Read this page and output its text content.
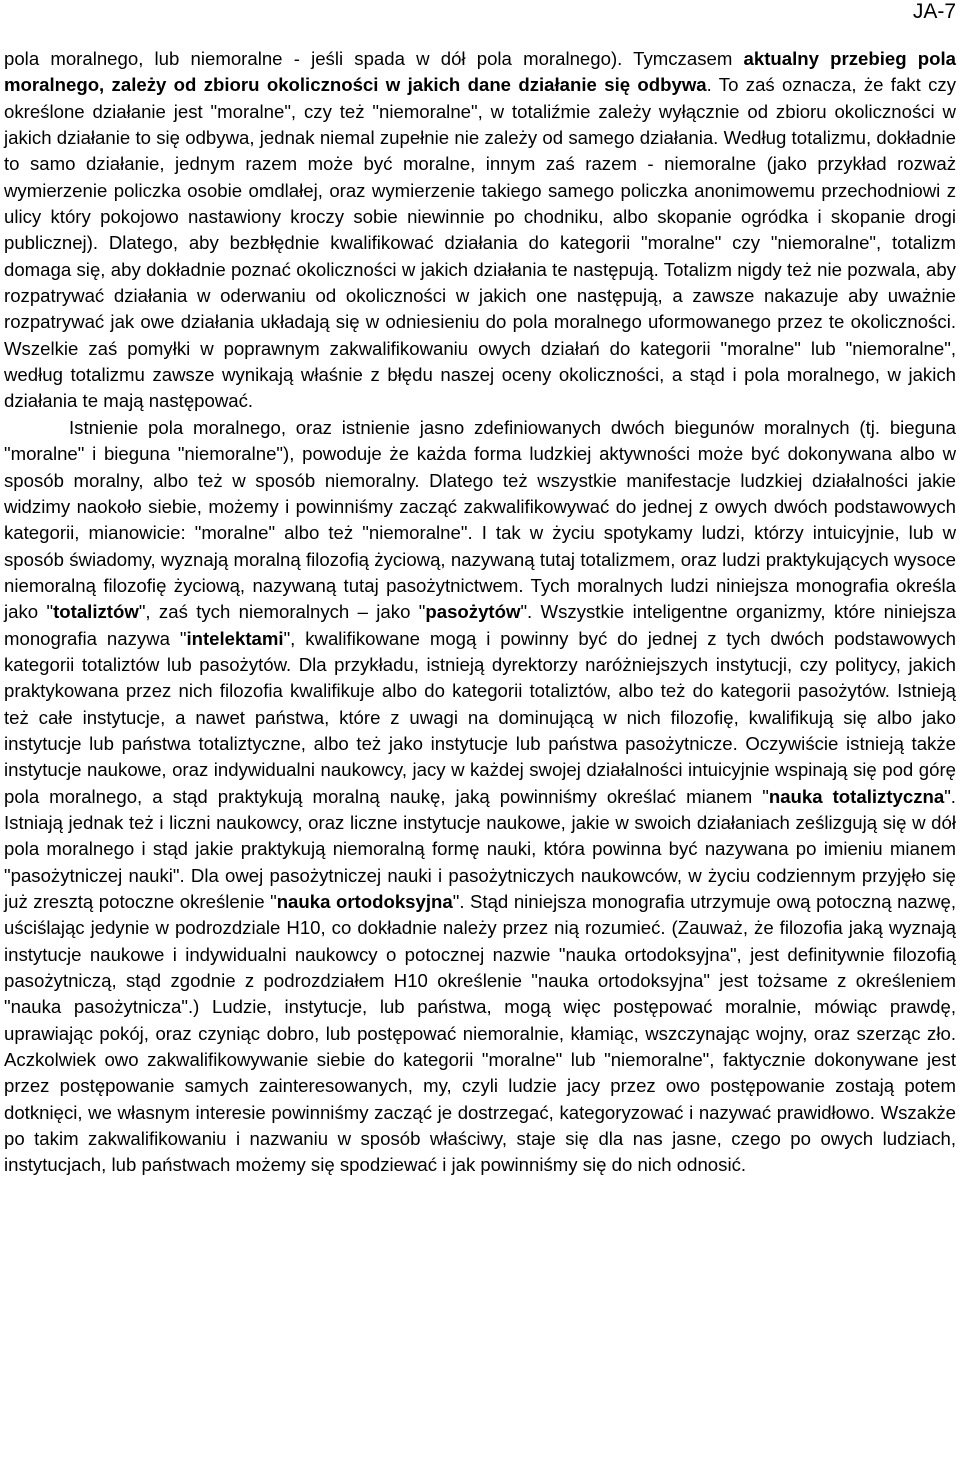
JA-7

pola moralnego, lub niemoralne - jeśli spada w dół pola moralnego). Tymczasem aktualny przebieg pola moralnego, zależy od zbioru okoliczności w jakich dane działanie się odbywa. To zaś oznacza, że fakt czy określone działanie jest "moralne", czy też "niemoralne", w totaliźmie zależy wyłącznie od zbioru okoliczności w jakich działanie to się odbywa, jednak niemal zupełnie nie zależy od samego działania. Według totalizmu, dokładnie to samo działanie, jednym razem może być moralne, innym zaś razem - niemoralne (jako przykład rozważ wymierzenie policzka osobie omdlałej, oraz wymierzenie takiego samego policzka anonimowemu przechodniowi z ulicy który pokojowo nastawiony kroczy sobie niewinnie po chodniku, albo skopanie ogródka i skopanie drogi publicznej). Dlatego, aby bezbłędnie kwalifikować działania do kategorii "moralne" czy "niemoralne", totalizm domaga się, aby dokładnie poznać okoliczności w jakich działania te następują. Totalizm nigdy też nie pozwala, aby rozpatrywać działania w oderwaniu od okoliczności w jakich one następują, a zawsze nakazuje aby uważnie rozpatrywać jak owe działania układają się w odniesieniu do pola moralnego uformowanego przez te okoliczności. Wszelkie zaś pomyłki w poprawnym zakwalifikowaniu owych działań do kategorii "moralne" lub "niemoralne", według totalizmu zawsze wynikają właśnie z błędu naszej oceny okoliczności, a stąd i pola moralnego, w jakich działania te mają następować.

Istnienie pola moralnego, oraz istnienie jasno zdefiniowanych dwóch biegunów moralnych (tj. bieguna "moralne" i bieguna "niemoralne"), powoduje że każda forma ludzkiej aktywności może być dokonywana albo w sposób moralny, albo też w sposób niemoralny. Dlatego też wszystkie manifestacje ludzkiej działalności jakie widzimy naokoło siebie, możemy i powinniśmy zacząć zakwalifikowywać do jednej z owych dwóch podstawowych kategorii, mianowicie: "moralne" albo też "niemoralne". I tak w życiu spotykamy ludzi, którzy intuicyjnie, lub w sposób świadomy, wyznają moralną filozofią życiową, nazywaną tutaj totalizmem, oraz ludzi praktykujących wysoce niemoralną filozofię życiową, nazywaną tutaj pasożytnictwem. Tych moralnych ludzi niniejsza monografia określa jako "totaliztów", zaś tych niemoralnych – jako "pasożytów". Wszystkie inteligentne organizmy, które niniejsza monografia nazywa "intelektami", kwalifikowane mogą i powinny być do jednej z tych dwóch podstawowych kategorii totaliztów lub pasożytów. Dla przykładu, istnieją dyrektorzy naróżniejszych instytucji, czy politycy, jakich praktykowana przez nich filozofia kwalifikuje albo do kategorii totaliztów, albo też do kategorii pasożytów. Istnieją też całe instytucje, a nawet państwa, które z uwagi na dominującą w nich filozofię, kwalifikują się albo jako instytucje lub państwa totaliztyczne, albo też jako instytucje lub państwa pasożytnicze. Oczywiście istnieją także instytucje naukowe, oraz indywidualni naukowcy, jacy w każdej swojej działalności intuicyjnie wspinają się pod górę pola moralnego, a stąd praktykują moralną naukę, jaką powinniśmy określać mianem "nauka totaliztyczna". Istniają jednak też i liczni naukowcy, oraz liczne instytucje naukowe, jakie w swoich działaniach ześlizgują się w dół pola moralnego i stąd jakie praktykują niemoralną formę nauki, która powinna być nazywana po imieniu mianem "pasożytniczej nauki". Dla owej pasożytniczej nauki i pasożytniczych naukowców, w życiu codziennym przyjęło się już zresztą potoczne określenie "nauka ortodoksyjna". Stąd niniejsza monografia utrzymuje ową potoczną nazwę, uściślając jedynie w podrozdziale H10, co dokładnie należy przez nią rozumieć. (Zauważ, że filozofia jaką wyznają instytucje naukowe i indywidualni naukowcy o potocznej nazwie "nauka ortodoksyjna", jest definitywnie filozofią pasożytniczą, stąd zgodnie z podrozdziałem H10 określenie "nauka ortodoksyjna" jest tożsame z określeniem "nauka pasożytnicza".) Ludzie, instytucje, lub państwa, mogą więc postępować moralnie, mówiąc prawdę, uprawiając pokój, oraz czyniąc dobro, lub postępować niemoralnie, kłamiąc, wszczynając wojny, oraz szerząc zło. Aczkolwiek owo zakwalifikowywanie siebie do kategorii "moralne" lub "niemoralne", faktycznie dokonywane jest przez postępowanie samych zainteresowanych, my, czyli ludzie jacy przez owo postępowanie zostają potem dotknięci, we własnym interesie powinniśmy zacząć je dostrzegać, kategoryzować i nazywać prawidłowo. Wszakże po takim zakwalifikowaniu i nazwaniu w sposób właściwy, staje się dla nas jasne, czego po owych ludziach, instytucjach, lub państwach możemy się spodziewać i jak powinniśmy się do nich odnosić.
